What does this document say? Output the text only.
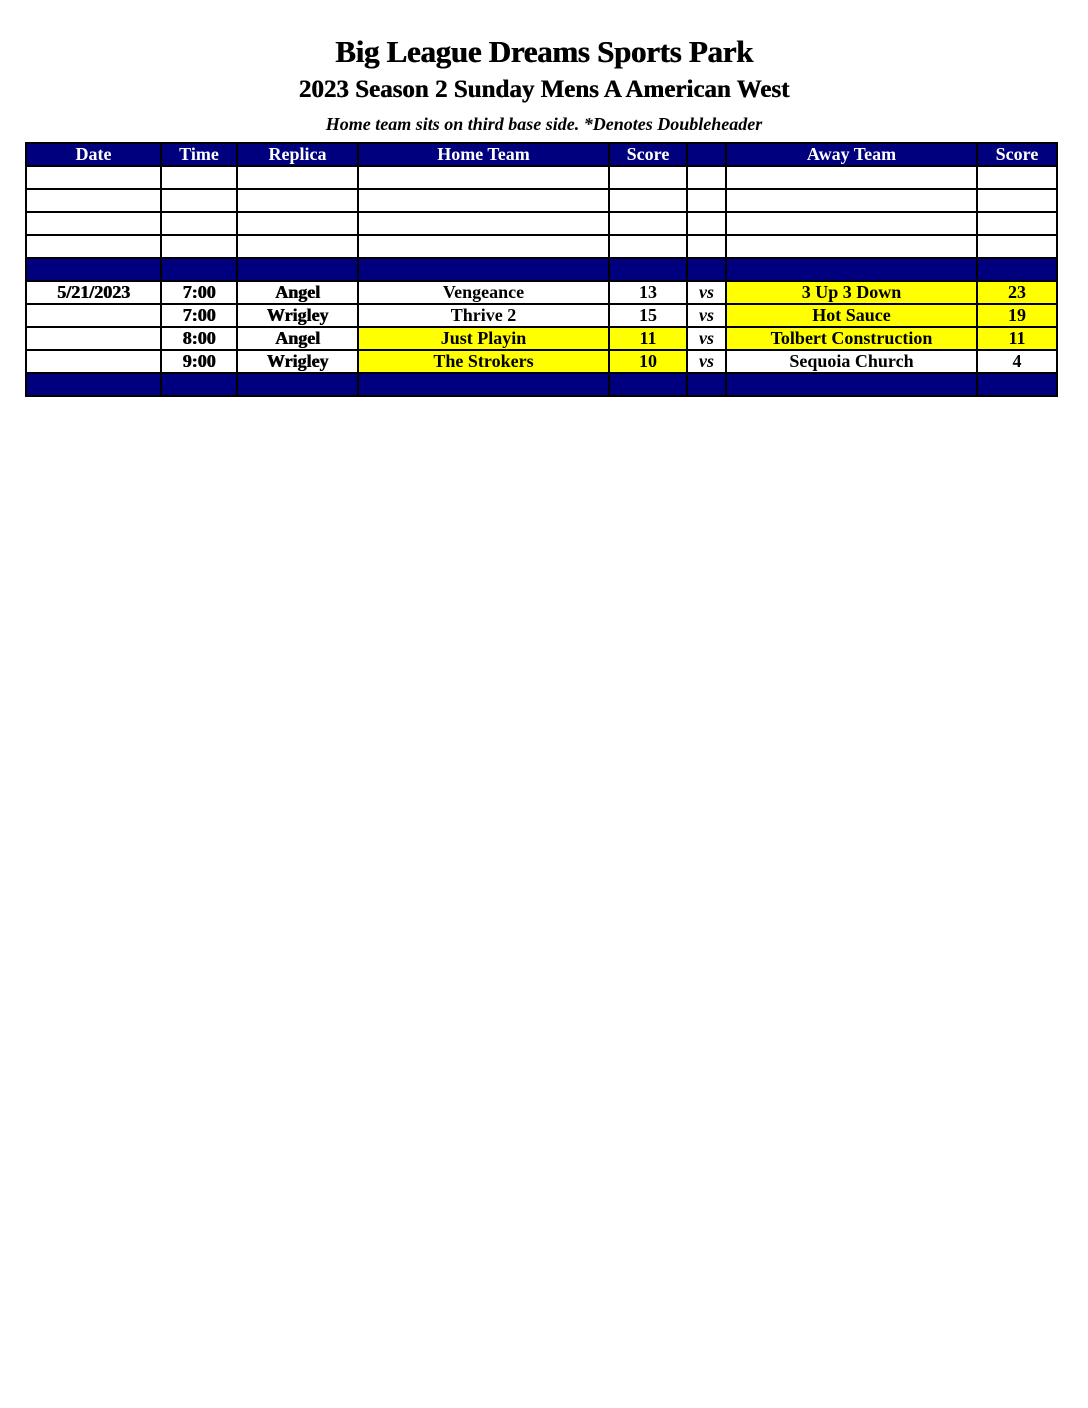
Big League Dreams Sports Park
2023 Season 2 Sunday Mens A American West
Home team sits on third base side. *Denotes Doubleheader
Date	Time	Replica	Home Team	Score		Away Team	Score

5/21/2023	7:00	Angel	Vengeance	13	vs	3 Up 3 Down	23
	7:00	Wrigley	Thrive 2	15	vs	Hot Sauce	19
	8:00	Angel	Just Playin	11	vs	Tolbert Construction	11
	9:00	Wrigley	The Strokers	10	vs	Sequoia Church	4
